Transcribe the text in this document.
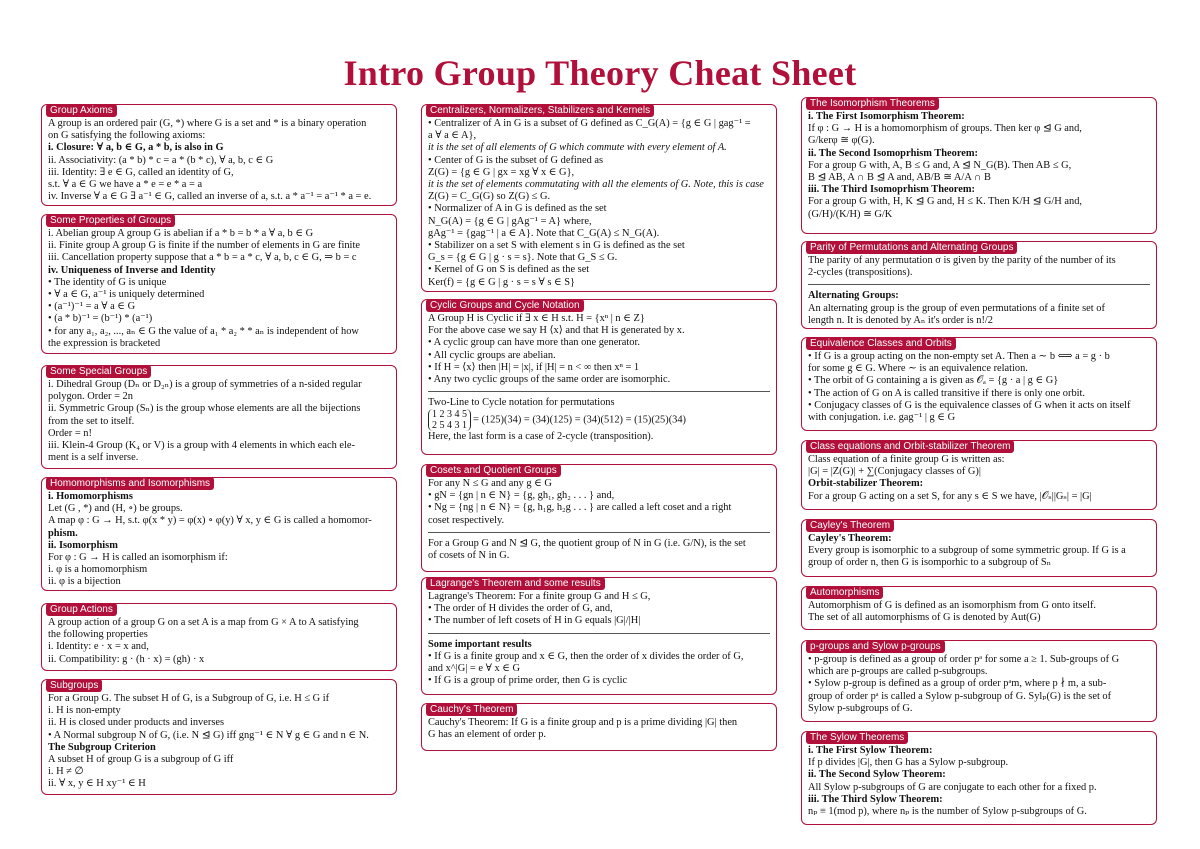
Intro Group Theory Cheat Sheet
Group Axioms
A group is an ordered pair (G, *) where G is a set and * is a binary operation
on G satisfying the following axioms:
i. Closure: ∀ a, b ∈ G, a * b, is also in G
ii. Associativity: (a * b) * c = a * (b * c), ∀ a, b, c ∈ G
iii. Identity: ∃ e ∈ G, called an identity of G,
s.t. ∀ a ∈ G we have a * e = e * a = a
iv. Inverse ∀ a ∈ G ∃ a⁻¹ ∈ G, called an inverse of a, s.t. a * a⁻¹ = a⁻¹ * a = e.
Some Properties of Groups
i. Abelian group A group G is abelian if a * b = b * a ∀ a, b ∈ G
ii. Finite group A group G is finite if the number of elements in G are finite
iii. Cancellation property suppose that a * b = a * c, ∀ a, b, c ∈ G, ⇒ b = c
iv. Uniqueness of Inverse and Identity
• The identity of G is unique
• ∀ a ∈ G, a⁻¹ is uniquely determined
• (a⁻¹)⁻¹ = a ∀ a ∈ G
• (a * b)⁻¹ = (b⁻¹) * (a⁻¹)
• for any a₁, a₂, ..., aₙ ∈ G the value of a₁ * a₂ * * aₙ is independent of how
the expression is bracketed
Some Special Groups
i. Dihedral Group (Dₙ or D₂ₙ) is a group of symmetries of a n-sided regular
polygon. Order = 2n
ii. Symmetric Group (Sₙ) is the group whose elements are all the bijections
from the set to itself.
Order = n!
iii. Klein-4 Group (K₄ or V) is a group with 4 elements in which each ele-
ment is a self inverse.
Homomorphisms and Isomorphisms
i. Homomorphisms
Let (G , *) and (H, ∘) be groups.
A map φ : G → H, s.t. φ(x * y) = φ(x) ∘ φ(y) ∀ x, y ∈ G is called a homomor-
phism.
ii. Isomorphism
For φ : G → H is called an isomorphism if:
i. φ is a homomorphism
ii. φ is a bijection
Group Actions
A group action of a group G on a set A is a map from G × A to A satisfying
the following properties
i. Identity: e · x = x and,
ii. Compatibility: g · (h · x) = (gh) · x
Subgroups
For a Group G. The subset H of G, is a Subgroup of G, i.e. H ≤ G if
i. H is non-empty
ii. H is closed under products and inverses
• A Normal subgroup N of G, (i.e. N ⊴ G) iff gng⁻¹ ∈ N ∀ g ∈ G and n ∈ N.
The Subgroup Criterion
A subset H of group G is a subgroup of G iff
i. H ≠ ∅
ii. ∀ x, y ∈ H xy⁻¹ ∈ H
Centralizers, Normalizers, Stabilizers and Kernels
• Centralizer of A in G is a subset of G defined as C_G(A) = {g ∈ G | gag⁻¹ =
a ∀ a ∈ A},
it is the set of all elements of G which commute with every element of A.
• Center of G is the subset of G defined as
Z(G) = {g ∈ G | gx = xg ∀ x ∈ G},
it is the set of elements commutating with all the elements of G. Note, this is case
Z(G) = C_G(G) so Z(G) ≤ G.
• Normalizer of A in G is defined as the set
N_G(A) = {g ∈ G | gAg⁻¹ = A} where,
gAg⁻¹ = {gag⁻¹ | a ∈ A}. Note that C_G(A) ≤ N_G(A).
• Stabilizer on a set S with element s in G is defined as the set
G_s = {g ∈ G | g · s = s}. Note that G_S ≤ G.
• Kernel of G on S is defined as the set
Ker(f) = {g ∈ G | g · s = s ∀ s ∈ S}
Cyclic Groups and Cycle Notation
A Group H is Cyclic if ∃ x ∈ H s.t. H = {xⁿ | n ∈ Z}
For the above case we say H ⟨x⟩ and that H is generated by x.
• A cyclic group can have more than one generator.
• All cyclic groups are abelian.
• If H = ⟨x⟩ then |H| = |x|, if |H| = n < ∞ then xⁿ = 1
• Any two cyclic groups of the same order are isomorphic.
Two-Line to Cycle notation for permutations
1 2 3 4 5
2 5 4 3 1
= (125)(34) = (34)(125) = (34)(512) = (15)(25)(34)
Here, the last form is a case of 2-cycle (transposition).
Cosets and Quotient Groups
For any N ≤ G and any g ∈ G
• gN = {gn | n ∈ N} = {g, gh₁, gh₂ . . . } and,
• Ng = {ng | n ∈ N} = {g, h₁g, h₂g . . . } are called a left coset and a right
coset respectively.
For a Group G and N ⊴ G, the quotient group of N in G (i.e. G/N), is the set
of cosets of N in G.
Lagrange's Theorem and some results
Lagrange's Theorem: For a finite group G and H ≤ G,
• The order of H divides the order of G, and,
• The number of left cosets of H in G equals |G|/|H|
Some important results
• If G is a finite group and x ∈ G, then the order of x divides the order of G,
and x^|G| = e ∀ x ∈ G
• If G is a group of prime order, then G is cyclic
Cauchy's Theorem
Cauchy's Theorem: If G is a finite group and p is a prime dividing |G| then
G has an element of order p.
The Isomorphism Theorems
i. The First Isomorphism Theorem:
If φ : G → H is a homomorphism of groups. Then ker φ ⊴ G and,
G/kerφ ≅ φ(G).
ii. The Second Isomoprhism Theorem:
For a group G with, A, B ≤ G and, A ⊴ N_G(B). Then AB ≤ G,
B ⊴ AB, A ∩ B ⊴ A and, AB/B ≅ A/A ∩ B
iii. The Third Isomoprhism Theorem:
For a group G with, H, K ⊴ G and, H ≤ K. Then K/H ⊴ G/H and,
(G/H)/(K/H) ≅ G/K
Parity of Permutations and Alternating Groups
The parity of any permutation σ is given by the parity of the number of its
2-cycles (transpositions).
Alternating Groups:
An alternating group is the group of even permutations of a finite set of
length n. It is denoted by Aₙ it's order is n!/2
Equivalence Classes and Orbits
• If G is a group acting on the non-empty set A. Then a ∼ b ⟺ a = g · b
for some g ∈ G. Where ∼ is an equivalence relation.
• The orbit of G containing a is given as 𝒪ₐ = {g · a | g ∈ G}
• The action of G on A is called transitive if there is only one orbit.
• Conjugacy classes of G is the equivalence classes of G when it acts on itself
with conjugation. i.e. gag⁻¹ | g ∈ G
Class equations and Orbit-stabilizer Theorem
Class equation of a finite group G is written as:
|G| = |Z(G)| + ∑(Conjugacy classes of G)|
Orbit-stabilizer Theorem:
For a group G acting on a set S, for any s ∈ S we have, |𝒪ₛ||Gₛ| = |G|
Cayley's Theorem
Cayley's Theorem:
Every group is isomorphic to a subgroup of some symmetric group. If G is a
group of order n, then G is isomporhic to a subgroup of Sₙ
Automorphisms
Automorphism of G is defined as an isomorphism from G onto itself.
The set of all automorphisms of G is denoted by Aut(G)
p-groups and Sylow p-groups
• p-group is defined as a group of order pᵃ for some a ≥ 1. Sub-groups of G
which are p-groups are called p-subgroups.
• Sylow p-group is defined as a group of order pᵃm, where p ∤ m, a sub-
group of order pᵃ is called a Sylow p-subgroup of G. Sylₚ(G) is the set of
Sylow p-subgroups of G.
The Sylow Theorems
i. The First Sylow Theorem:
If p divides |G|, then G has a Sylow p-subgroup.
ii. The Second Sylow Theorem:
All Sylow p-subgroups of G are conjugate to each other for a fixed p.
iii. The Third Sylow Theorem:
nₚ ≡ 1(mod p), where nₚ is the number of Sylow p-subgroups of G.
